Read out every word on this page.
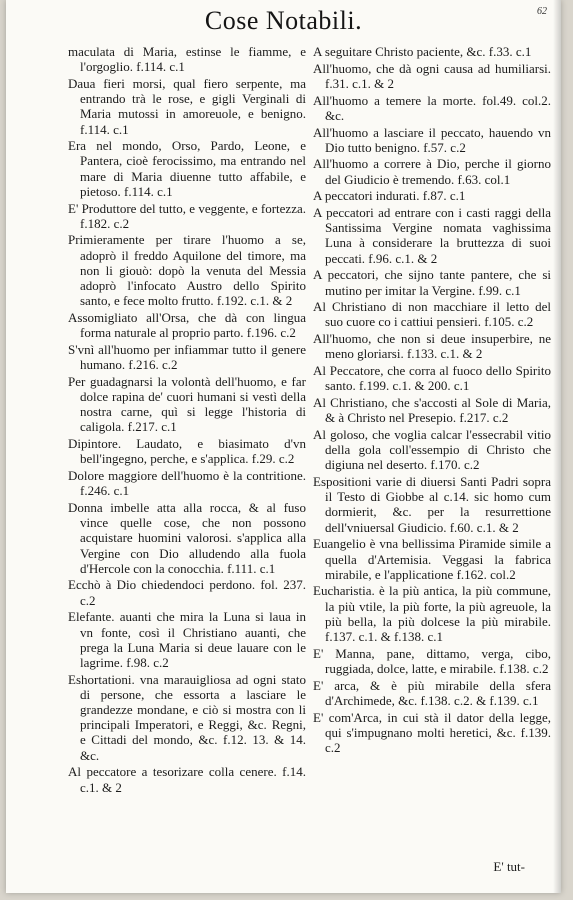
Cose Notabili.	62

maculata di Maria, estinse le fiamme, e l'orgoglio. f.114. c.1

Daua fieri morsi, qual fiero serpente, ma entrando trà le rose, e gigli Verginali di Maria mutossi in amoreuole, e benigno. f.114. c.1

Era nel mondo, Orso, Pardo, Leone, e Pantera, cioè ferocissimo, ma entrando nel mare di Maria diuenne tutto affabile, e pietoso. f.114. c.1

E' Produttore del tutto, e veggente, e fortezza. f.182. c.2

Primieramente per tirare l'huomo a se, adoprò il freddo Aquilone del timore, ma non li giouò: dopò la venuta del Messia adoprò l'infocato Austro dello Spirito santo, e fece molto frutto. f.192. c.1. & 2

Assomigliato all'Orsa, che dà con lingua forma naturale al proprio parto. f.196. c.2

S'vnì all'huomo per infiammar tutto il genere humano. f.216. c.2

Per guadagnarsi la volontà dell'huomo, e far dolce rapina de' cuori humani si vestì della nostra carne, quì si legge l'historia di caligola. f.217. c.1

Dipintore. Laudato, e biasimato d'vn bell'ingegno, perche, e s'applica. f.29. c.2

Dolore maggiore dell'huomo è la contritione. f.246. c.1

Donna imbelle atta alla rocca, & al fuso vince quelle cose, che non possono acquistare huomini valorosi. s'applica alla Vergine con Dio alludendo alla fuola d'Hercole con la conocchia. f.111. c.1

Ecchò à Dio chiedendoci perdono. fol. 237. c.2

Elefante. auanti che mira la Luna si laua in vn fonte, così il Christiano auanti, che prega la Luna Maria si deue lauare con le lagrime. f.98. c.2

Eshortationi. vna marauigliosa ad ogni stato di persone, che essorta a lasciare le grandezze mondane, e ciò si mostra con li principali Imperatori, e Reggi, &c. Regni, e Cittadi del mondo, &c. f.12. 13. & 14. &c.

Al peccatore a tesorizare colla cenere. f.14. c.1. & 2

A seguitare Christo paciente, &c. f.33. c.1

All'huomo, che dà ogni causa ad humiliarsi. f.31. c.1. & 2

All'huomo a temere la morte. fol.49. col.2. &c.

All'huomo a lasciare il peccato, hauendo vn Dio tutto benigno. f.57. c.2

All'huomo a correre à Dio, perche il giorno del Giudicio è tremendo. f.63. col.1

A peccatori indurati. f.87. c.1

A peccatori ad entrare con i casti raggi della Santissima Vergine nomata vaghissima Luna à considerare la bruttezza di suoi peccati. f.96. c.1. & 2

A peccatori, che sijno tante pantere, che si mutino per imitar la Vergine. f.99. c.1

Al Christiano di non macchiare il letto del suo cuore co i cattiui pensieri. f.105. c.2

All'huomo, che non si deue insuperbire, ne meno gloriarsi. f.133. c.1. & 2

Al Peccatore, che corra al fuoco dello Spirito santo. f.199. c.1. & 200. c.1

Al Christiano, che s'accosti al Sole di Maria, & à Christo nel Presepio. f.217. c.2

Al goloso, che voglia calcar l'essecrabil vitio della gola coll'essempio di Christo che digiuna nel deserto. f.170. c.2

Espositioni varie di diuersi Santi Padri sopra il Testo di Giobbe al c.14. sic homo cum dormierit, &c. per la resurrettione dell'vniuersal Giudicio. f.60. c.1. & 2

Euangelio è vna bellissima Piramide simile a quella d'Artemisia. Veggasi la fabrica mirabile, e l'applicatione f.162. col.2

Eucharistia. è la più antica, la più commune, la più vtile, la più forte, la più agreuole, la più bella, la più dolcese la più mirabile. f.137. c.1. & f.138. c.1

E' Manna, pane, dittamo, verga, cibo, ruggiada, dolce, latte, e mirabile. f.138. c.2

E' arca, & è più mirabile della sfera d'Archimede, &c. f.138. c.2. & f.139. c.1

E' com'Arca, in cui stà il dator della legge, qui s'impugnano molti heretici, &c. f.139. c.2

E' tut-
